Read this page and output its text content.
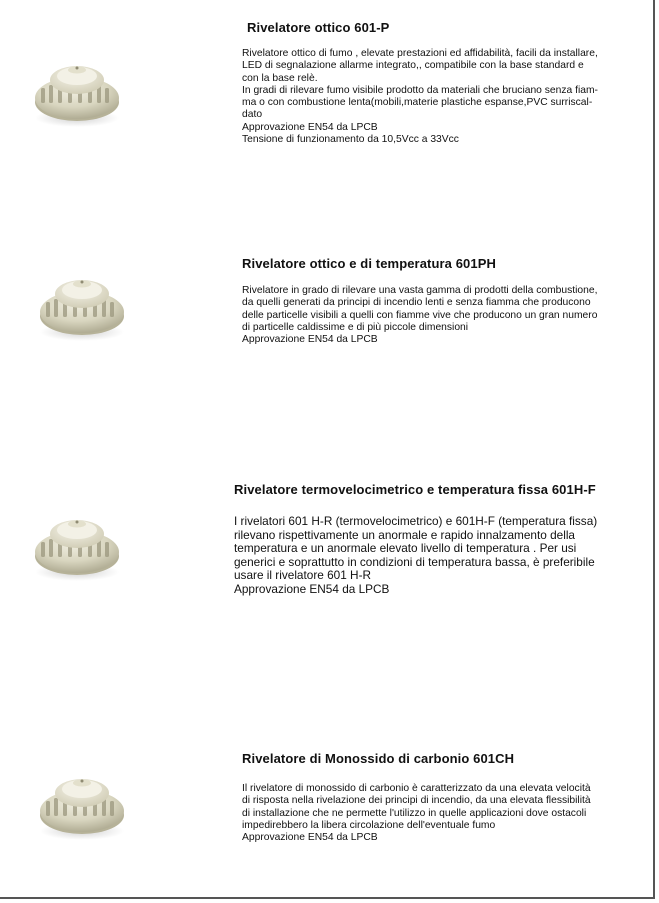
Rivelatore ottico 601-P

Rivelatore ottico di fumo , elevate prestazioni ed affidabilità, facili da installare,

LED di segnalazione allarme integrato,, compatibile con la base standard e

con la base relè.

In gradi di rilevare fumo visibile prodotto da materiali che bruciano senza fiam-

ma o con combustione lenta(mobili,materie plastiche espanse,PVC surriscal-

dato

Approvazione EN54 da LPCB

Tensione di funzionamento da 10,5Vcc a 33Vcc

Rivelatore ottico e di temperatura 601PH

Rivelatore in grado di rilevare una vasta gamma di prodotti della combustione,

da quelli generati da principi di incendio lenti e senza fiamma che producono

delle particelle visibili a quelli con fiamme vive che producono un gran numero

di particelle caldissime e di più piccole dimensioni

Approvazione EN54 da LPCB

Rivelatore termovelocimetrico e temperatura fissa 601H-F

I rivelatori 601 H-R (termovelocimetrico) e 601H-F (temperatura fissa)

rilevano rispettivamente un anormale e rapido innalzamento della

temperatura e un anormale elevato livello di temperatura . Per usi

generici e soprattutto in condizioni di temperatura bassa, è preferibile

usare il rivelatore 601 H-R

Approvazione EN54 da LPCB

Rivelatore di Monossido di carbonio 601CH

Il rivelatore di monossido di carbonio è caratterizzato da una elevata velocità

di risposta nella rivelazione dei principi di incendio, da una elevata flessibilità

di installazione che ne permette l'utilizzo in quelle applicazioni dove ostacoli

impedirebbero la libera circolazione dell'eventuale fumo

Approvazione EN54 da LPCB
